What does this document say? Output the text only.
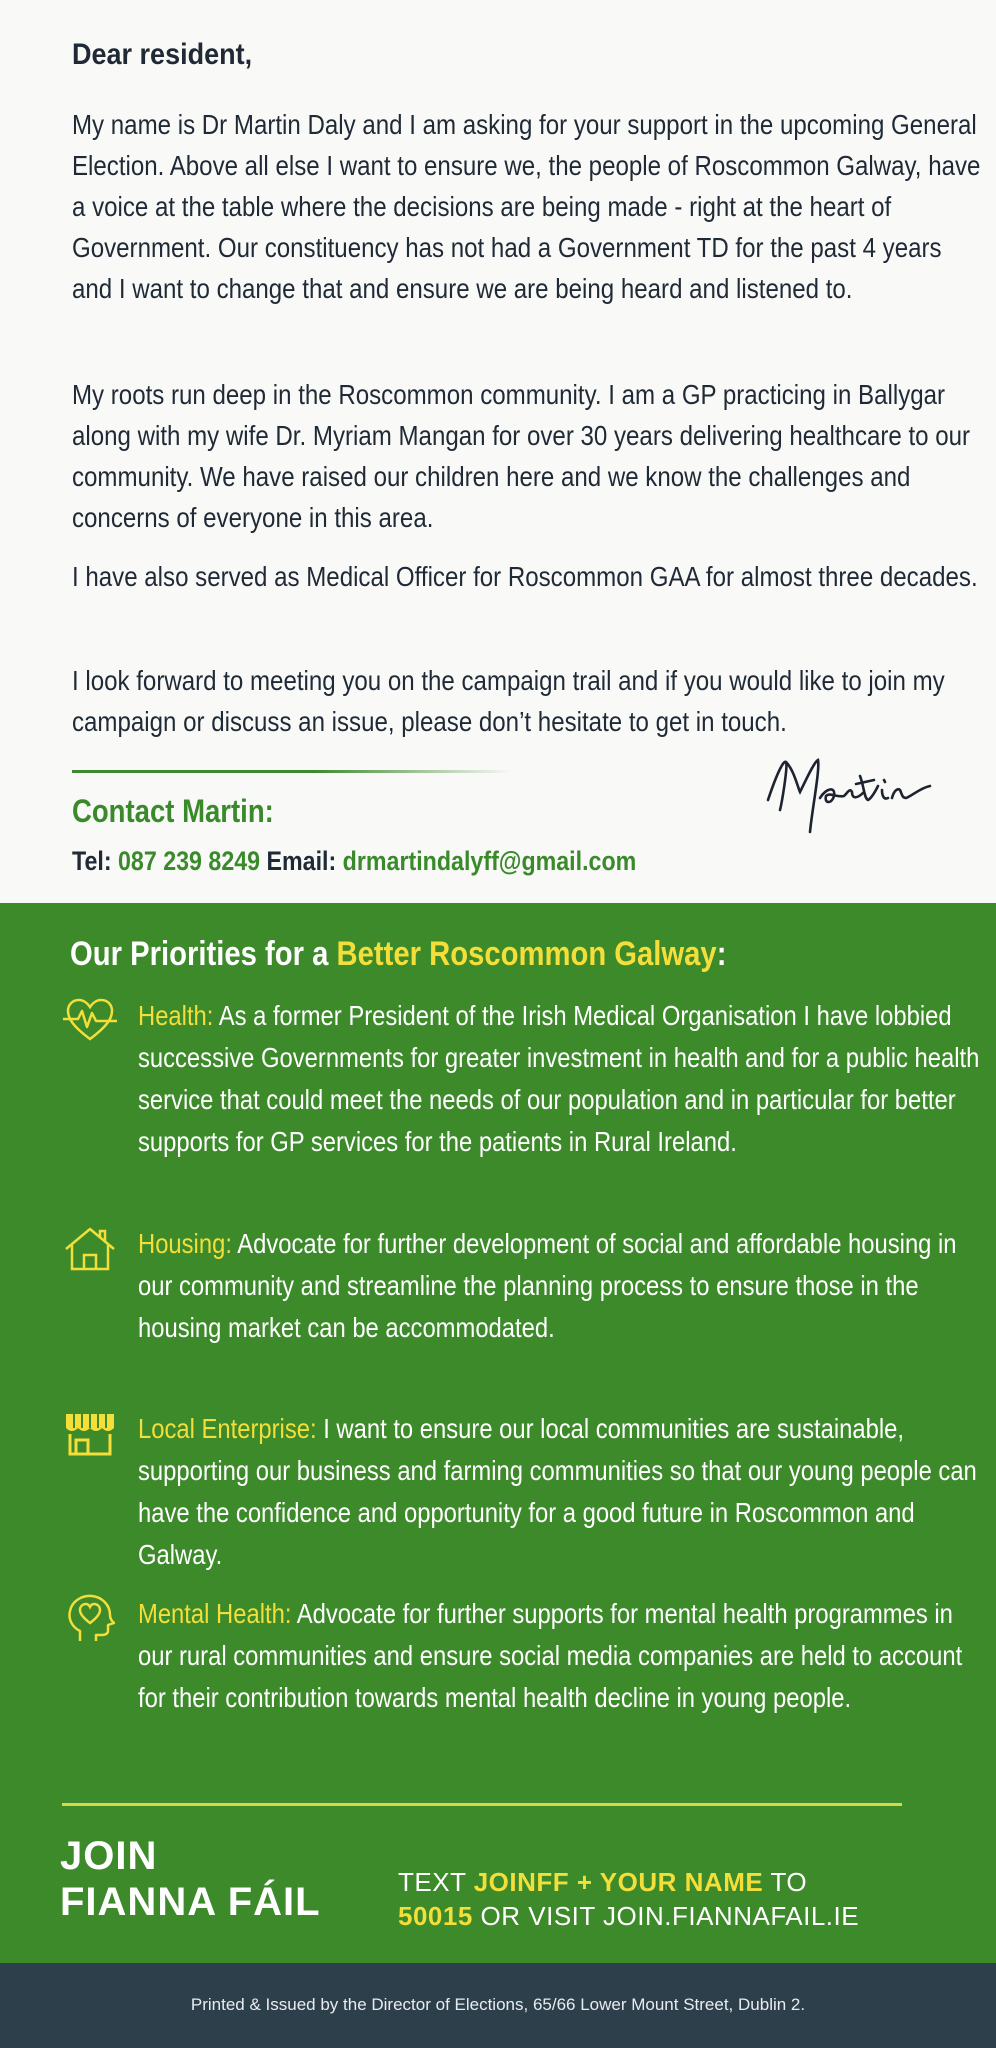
Dear resident,
My name is Dr Martin Daly and I am asking for your support in the upcoming General Election. Above all else I want to ensure we, the people of Roscommon Galway, have a voice at the table where the decisions are being made - right at the heart of Government. Our constituency has not had a Government TD for the past 4 years and I want to change that and ensure we are being heard and listened to.
My roots run deep in the Roscommon community. I am a GP practicing in Ballygar along with my wife Dr. Myriam Mangan for over 30 years delivering healthcare to our community. We have raised our children here and we know the challenges and concerns of everyone in this area.
I have also served as Medical Officer for Roscommon GAA for almost three decades.
I look forward to meeting you on the campaign trail and if you would like to join my campaign or discuss an issue, please don’t hesitate to get in touch.
Contact Martin:
Tel: 087 239 8249 Email: drmartindalyff@gmail.com
Our Priorities for a Better Roscommon Galway:
Health: As a former President of the Irish Medical Organisation I have lobbied successive Governments for greater investment in health and for a public health service that could meet the needs of our population and in particular for better supports for GP services for the patients in Rural Ireland.
Housing: Advocate for further development of social and affordable housing in our community and streamline the planning process to ensure those in the housing market can be accommodated.
Local Enterprise: I want to ensure our local communities are sustainable, supporting our business and farming communities so that our young people can have the confidence and opportunity for a good future in Roscommon and Galway.
Mental Health: Advocate for further supports for mental health programmes in our rural communities and ensure social media companies are held to account for their contribution towards mental health decline in young people.
JOIN
FIANNA FÁIL	TEXT JOINFF + YOUR NAME TO
50015 OR VISIT JOIN.FIANNAFAIL.IE
Printed & Issued by the Director of Elections, 65/66 Lower Mount Street, Dublin 2.
